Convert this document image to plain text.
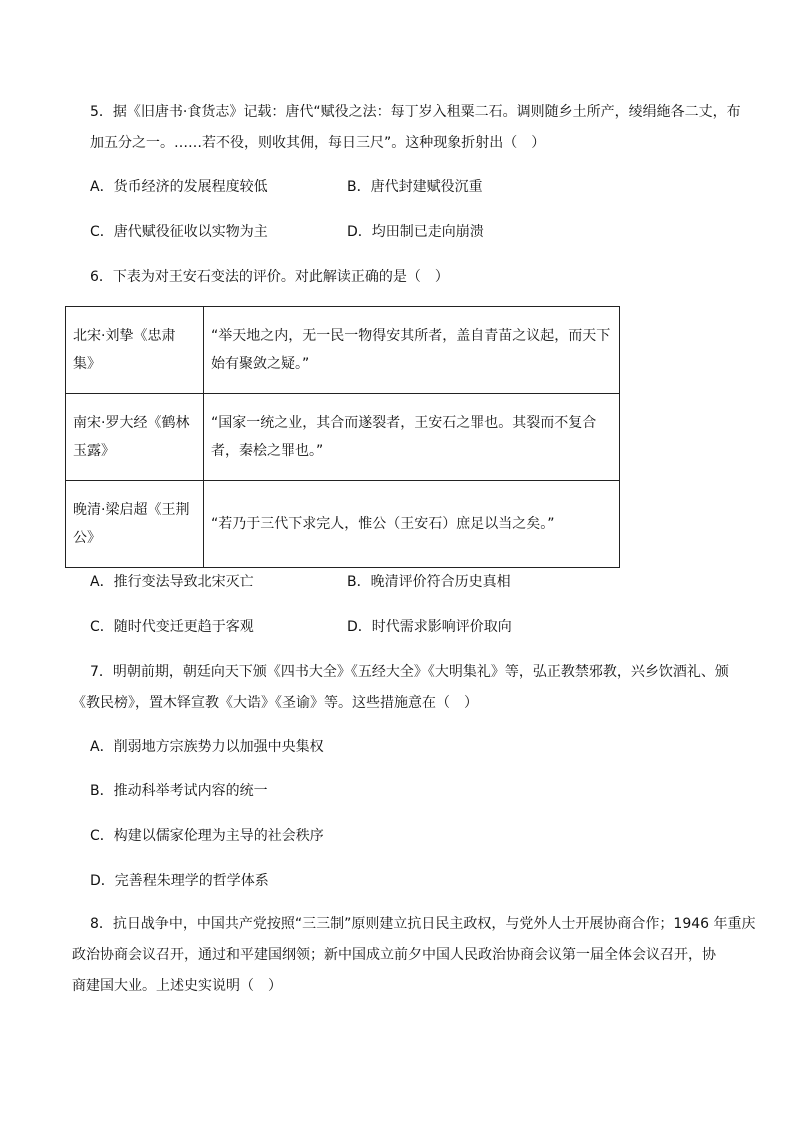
5．据《旧唐书·食货志》记载：唐代“赋役之法：每丁岁入租粟二石。调则随乡土所产，绫绢絁各二丈，布
加五分之一。……若不役，则收其佣，每日三尺”。这种现象折射出（　）
A．货币经济的发展程度较低	B．唐代封建赋役沉重
C．唐代赋役征收以实物为主	D．均田制已走向崩溃
6．下表为对王安石变法的评价。对此解读正确的是（　）
北宋·刘挚《忠肃集》	“举天地之内，无一民一物得安其所者，盖自青苗之议起，而天下始有聚敛之疑。”
南宋·罗大经《鹤林玉露》	“国家一统之业，其合而遂裂者，王安石之罪也。其裂而不复合者，秦桧之罪也。”
晚清·梁启超《王荆公》	“若乃于三代下求完人，惟公（王安石）庶足以当之矣。”
A．推行变法导致北宋灭亡	B．晚清评价符合历史真相
C．随时代变迁更趋于客观	D．时代需求影响评价取向
7．明朝前期，朝廷向天下颁《四书大全》《五经大全》《大明集礼》等，弘正教禁邪教，兴乡饮酒礼、颁
《教民榜》，置木铎宣教《大诰》《圣谕》等。这些措施意在（　）
A．削弱地方宗族势力以加强中央集权
B．推动科举考试内容的统一
C．构建以儒家伦理为主导的社会秩序
D．完善程朱理学的哲学体系
8．抗日战争中，中国共产党按照“三三制”原则建立抗日民主政权，与党外人士开展协商合作；1946 年重庆
政治协商会议召开，通过和平建国纲领；新中国成立前夕中国人民政治协商会议第一届全体会议召开，协
商建国大业。上述史实说明（　）
